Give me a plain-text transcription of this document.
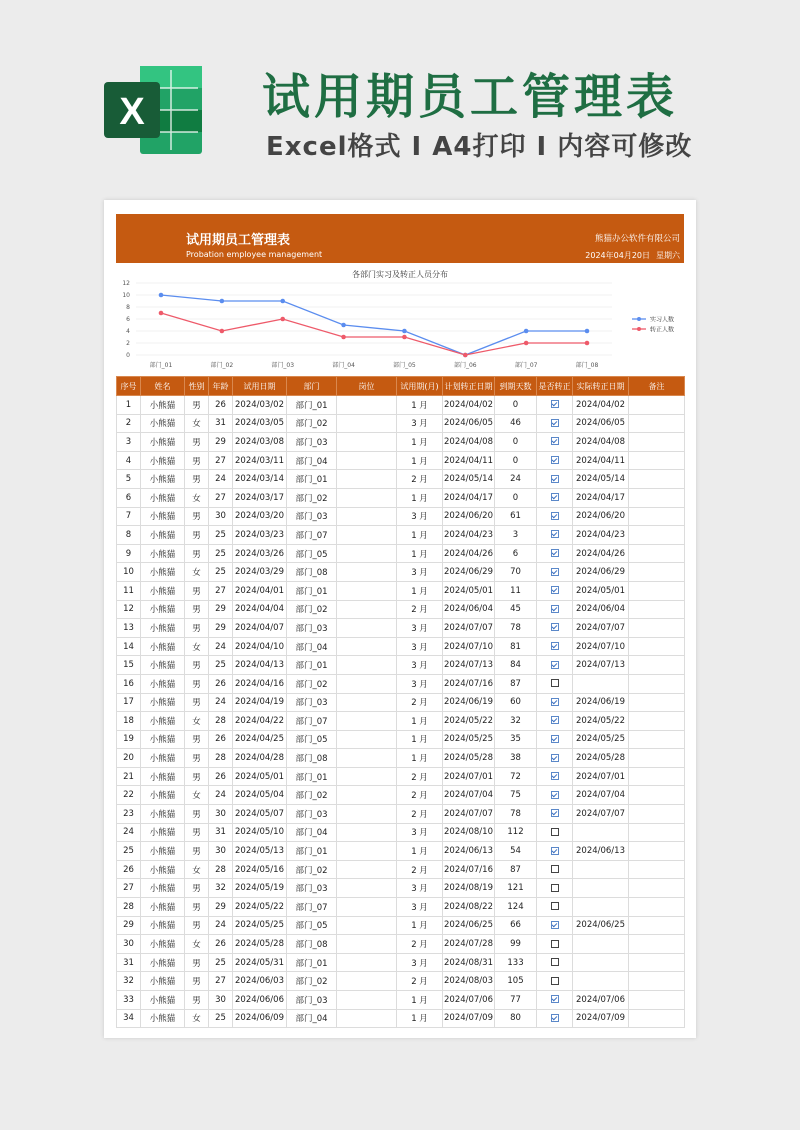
X 试用期员工管理表
Excel格式 I A4打印 I 内容可修改
试用期员工管理表
Probation employee management
熊猫办公软件有限公司
2024年04月20日 星期六
各部门实习及转正人员分布
0
2
4
6
8
10
12
部门_01	部门_02	部门_03	部门_04	部门_05	部门_06	部门_07	部门_08
实习人数
转正人数
序号	姓名	性别	年龄	试用日期	部门	岗位	试用期(月)	计划转正日期	到期天数	是否转正	实际转正日期	备注
1	小熊猫	男	26	2024/03/02	部门_01		1 月	2024/04/02	0		2024/04/02	
2	小熊猫	女	31	2024/03/05	部门_02		3 月	2024/06/05	46		2024/06/05	
3	小熊猫	男	29	2024/03/08	部门_03		1 月	2024/04/08	0		2024/04/08	
4	小熊猫	男	27	2024/03/11	部门_04		1 月	2024/04/11	0		2024/04/11	
5	小熊猫	男	24	2024/03/14	部门_01		2 月	2024/05/14	24		2024/05/14	
6	小熊猫	女	27	2024/03/17	部门_02		1 月	2024/04/17	0		2024/04/17	
7	小熊猫	男	30	2024/03/20	部门_03		3 月	2024/06/20	61		2024/06/20	
8	小熊猫	男	25	2024/03/23	部门_07		1 月	2024/04/23	3		2024/04/23	
9	小熊猫	男	25	2024/03/26	部门_05		1 月	2024/04/26	6		2024/04/26	
10	小熊猫	女	25	2024/03/29	部门_08		3 月	2024/06/29	70		2024/06/29	
11	小熊猫	男	27	2024/04/01	部门_01		1 月	2024/05/01	11		2024/05/01	
12	小熊猫	男	29	2024/04/04	部门_02		2 月	2024/06/04	45		2024/06/04	
13	小熊猫	男	29	2024/04/07	部门_03		3 月	2024/07/07	78		2024/07/07	
14	小熊猫	女	24	2024/04/10	部门_04		3 月	2024/07/10	81		2024/07/10	
15	小熊猫	男	25	2024/04/13	部门_01		3 月	2024/07/13	84		2024/07/13	
16	小熊猫	男	26	2024/04/16	部门_02		3 月	2024/07/16	87			
17	小熊猫	男	24	2024/04/19	部门_03		2 月	2024/06/19	60		2024/06/19	
18	小熊猫	女	28	2024/04/22	部门_07		1 月	2024/05/22	32		2024/05/22	
19	小熊猫	男	26	2024/04/25	部门_05		1 月	2024/05/25	35		2024/05/25	
20	小熊猫	男	28	2024/04/28	部门_08		1 月	2024/05/28	38		2024/05/28	
21	小熊猫	男	26	2024/05/01	部门_01		2 月	2024/07/01	72		2024/07/01	
22	小熊猫	女	24	2024/05/04	部门_02		2 月	2024/07/04	75		2024/07/04	
23	小熊猫	男	30	2024/05/07	部门_03		2 月	2024/07/07	78		2024/07/07	
24	小熊猫	男	31	2024/05/10	部门_04		3 月	2024/08/10	112			
25	小熊猫	男	30	2024/05/13	部门_01		1 月	2024/06/13	54		2024/06/13	
26	小熊猫	女	28	2024/05/16	部门_02		2 月	2024/07/16	87			
27	小熊猫	男	32	2024/05/19	部门_03		3 月	2024/08/19	121			
28	小熊猫	男	29	2024/05/22	部门_07		3 月	2024/08/22	124			
29	小熊猫	男	24	2024/05/25	部门_05		1 月	2024/06/25	66		2024/06/25	
30	小熊猫	女	26	2024/05/28	部门_08		2 月	2024/07/28	99			
31	小熊猫	男	25	2024/05/31	部门_01		3 月	2024/08/31	133			
32	小熊猫	男	27	2024/06/03	部门_02		2 月	2024/08/03	105			
33	小熊猫	男	30	2024/06/06	部门_03		1 月	2024/07/06	77		2024/07/06	
34	小熊猫	女	25	2024/06/09	部门_04		1 月	2024/07/09	80		2024/07/09	
